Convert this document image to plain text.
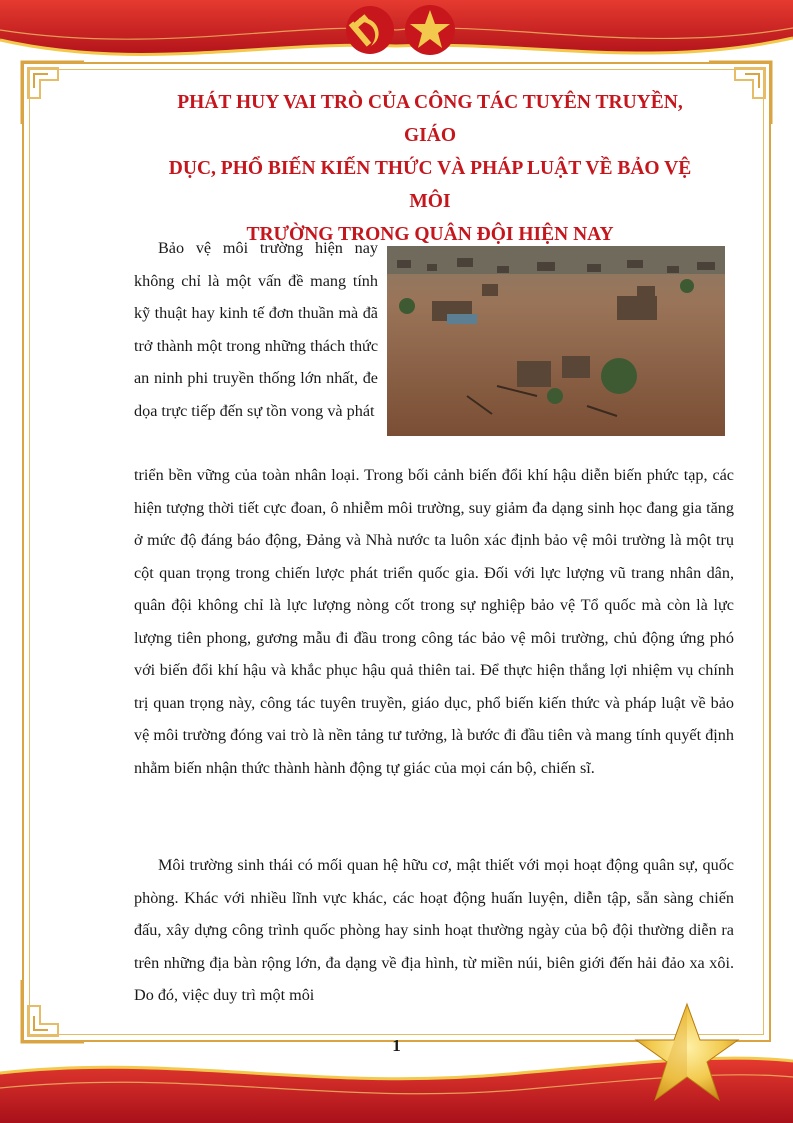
PHÁT HUY VAI TRÒ CỦA CÔNG TÁC TUYÊN TRUYỀN, GIÁO
DỤC, PHỔ BIẾN KIẾN THỨC VÀ PHÁP LUẬT VỀ BẢO VỆ MÔI
TRƯỜNG TRONG QUÂN ĐỘI HIỆN NAY

Bảo vệ môi trường hiện nay không chỉ là một vấn đề mang tính kỹ thuật hay kinh tế đơn thuần mà đã trở thành một trong những thách thức an ninh phi truyền thống lớn nhất, đe dọa trực tiếp đến sự tồn vong và phát

triển bền vững của toàn nhân loại. Trong bối cảnh biến đổi khí hậu diễn biến phức tạp, các hiện tượng thời tiết cực đoan, ô nhiễm môi trường, suy giảm đa dạng sinh học đang gia tăng ở mức độ đáng báo động, Đảng và Nhà nước ta luôn xác định bảo vệ môi trường là một trụ cột quan trọng trong chiến lược phát triển quốc gia. Đối với lực lượng vũ trang nhân dân, quân đội không chỉ là lực lượng nòng cốt trong sự nghiệp bảo vệ Tổ quốc mà còn là lực lượng tiên phong, gương mẫu đi đầu trong công tác bảo vệ môi trường, chủ động ứng phó với biến đổi khí hậu và khắc phục hậu quả thiên tai. Để thực hiện thắng lợi nhiệm vụ chính trị quan trọng này, công tác tuyên truyền, giáo dục, phổ biến kiến thức và pháp luật về bảo vệ môi trường đóng vai trò là nền tảng tư tưởng, là bước đi đầu tiên và mang tính quyết định nhằm biến nhận thức thành hành động tự giác của mọi cán bộ, chiến sĩ.

Môi trường sinh thái có mối quan hệ hữu cơ, mật thiết với mọi hoạt động quân sự, quốc phòng. Khác với nhiều lĩnh vực khác, các hoạt động huấn luyện, diễn tập, sẵn sàng chiến đấu, xây dựng công trình quốc phòng hay sinh hoạt thường ngày của bộ đội thường diễn ra trên những địa bàn rộng lớn, đa dạng về địa hình, từ miền núi, biên giới đến hải đảo xa xôi. Do đó, việc duy trì một môi

1
